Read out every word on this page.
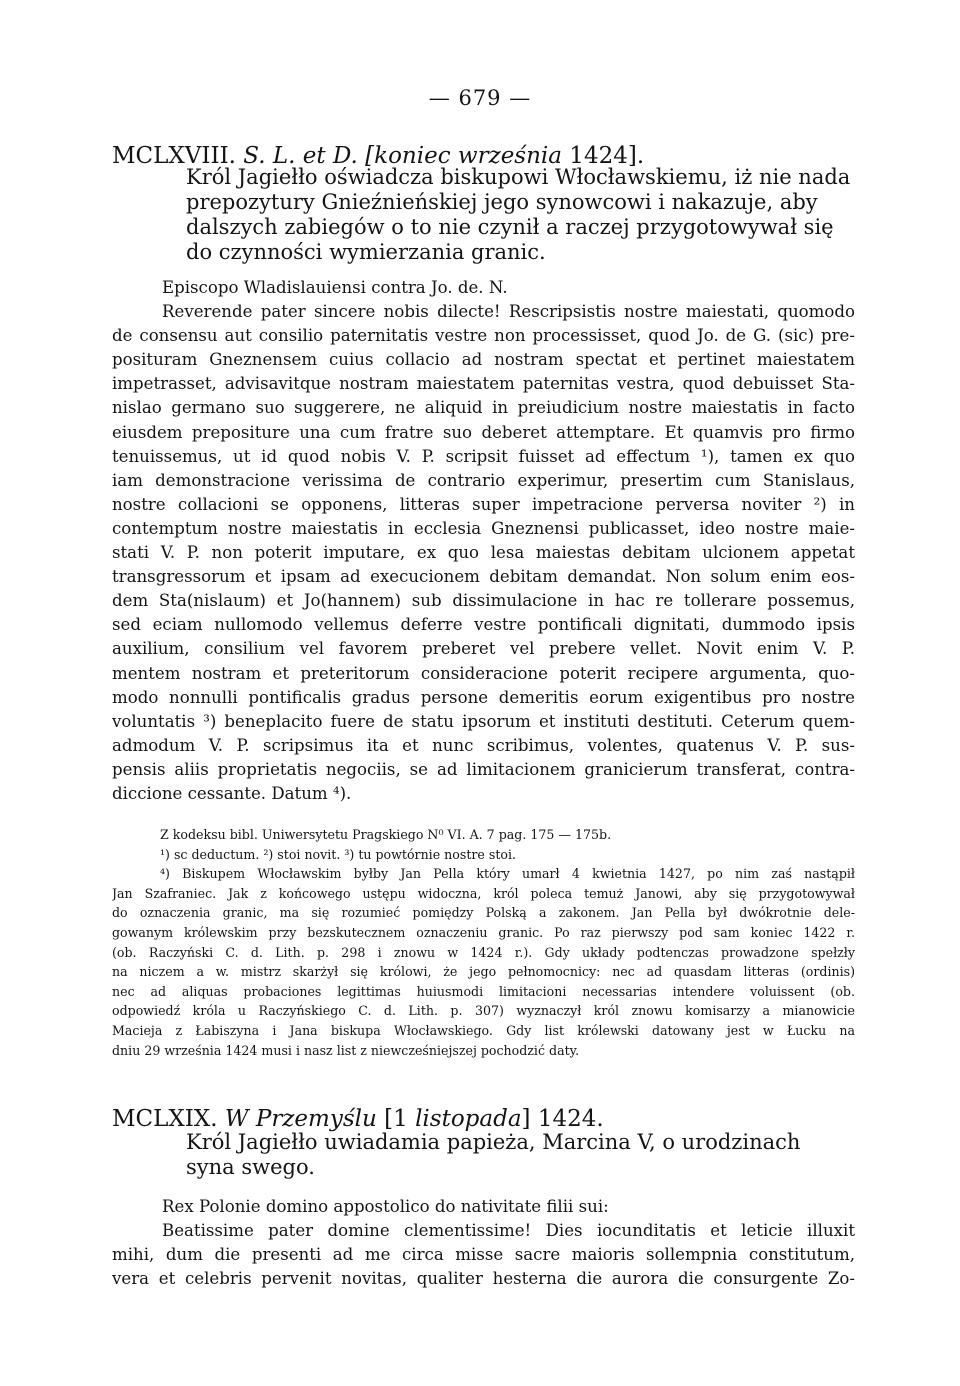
— 679 —
MCLXVIII. S. L. et D. [koniec września 1424].
Król Jagiełło oświadcza biskupowi Włocławskiemu, iż nie nada
prepozytury Gnieźnieńskiej jego synowcowi i nakazuje, aby
dalszych zabiegów o to nie czynił a raczej przygotowywał się
do czynności wymierzania granic.
Episcopo Wladislauiensi contra Jo. de. N.
Reverende pater sincere nobis dilecte! Rescripsistis nostre maiestati, quomodo
de consensu aut consilio paternitatis vestre non processisset, quod Jo. de G. (sic) pre-
posituram Gneznensem cuius collacio ad nostram spectat et pertinet maiestatem
impetrasset, advisavitque nostram maiestatem paternitas vestra, quod debuisset Sta-
nislao germano suo suggerere, ne aliquid in preiudicium nostre maiestatis in facto
eiusdem prepositure una cum fratre suo deberet attemptare. Et quamvis pro firmo
tenuissemus, ut id quod nobis V. P. scripsit fuisset ad effectum ¹), tamen ex quo
iam demonstracione verissima de contrario experimur, presertim cum Stanislaus,
nostre collacioni se opponens, litteras super impetracione perversa noviter ²) in
contemptum nostre maiestatis in ecclesia Gneznensi publicasset, ideo nostre maie-
stati V. P. non poterit imputare, ex quo lesa maiestas debitam ulcionem appetat
transgressorum et ipsam ad execucionem debitam demandat. Non solum enim eos-
dem Sta(nislaum) et Jo(hannem) sub dissimulacione in hac re tollerare possemus,
sed eciam nullomodo vellemus deferre vestre pontificali dignitati, dummodo ipsis
auxilium, consilium vel favorem preberet vel prebere vellet. Novit enim V. P.
mentem nostram et preteritorum consideracione poterit recipere argumenta, quo-
modo nonnulli pontificalis gradus persone demeritis eorum exigentibus pro nostre
voluntatis ³) beneplacito fuere de statu ipsorum et instituti destituti. Ceterum quem-
admodum V. P. scripsimus ita et nunc scribimus, volentes, quatenus V. P. sus-
pensis aliis proprietatis negociis, se ad limitacionem granicierum transferat, contra-
diccione cessante. Datum ⁴).
Z kodeksu bibl. Uniwersytetu Pragskiego N⁰ VI. A. 7 pag. 175 — 175b.
¹) sc deductum. ²) stoi novit. ³) tu powtórnie nostre stoi.
⁴) Biskupem Włocławskim byłby Jan Pella który umarł 4 kwietnia 1427, po nim zaś nastąpił
Jan Szafraniec. Jak z końcowego ustępu widoczna, król poleca temuż Janowi, aby się przygotowywał
do oznaczenia granic, ma się rozumieć pomiędzy Polską a zakonem. Jan Pella był dwókrotnie dele-
gowanym królewskim przy bezskutecznem oznaczeniu granic. Po raz pierwszy pod sam koniec 1422 r.
(ob. Raczyński C. d. Lith. p. 298 i znowu w 1424 r.). Gdy układy podtenczas prowadzone spełzły
na niczem a w. mistrz skarżył się królowi, że jego pełnomocnicy: nec ad quasdam litteras (ordinis)
nec ad aliquas probaciones legittimas huiusmodi limitacioni necessarias intendere voluissent (ob.
odpowiedź króla u Raczyńskiego C. d. Lith. p. 307) wyznaczył król znowu komisarzy a mianowicie
Macieja z Łabiszyna i Jana biskupa Włocławskiego. Gdy list królewski datowany jest w Łucku na
dniu 29 września 1424 musi i nasz list z niewcześniejszej pochodzić daty.
MCLXIX. W Przemyślu [1 listopada] 1424.
Król Jagiełło uwiadamia papieża, Marcina V, o urodzinach
syna swego.
Rex Polonie domino appostolico do nativitate filii sui:
Beatissime pater domine clementissime! Dies iocunditatis et leticie illuxit
mihi, dum die presenti ad me circa misse sacre maioris sollempnia constitutum,
vera et celebris pervenit novitas, qualiter hesterna die aurora die consurgente Zo-
